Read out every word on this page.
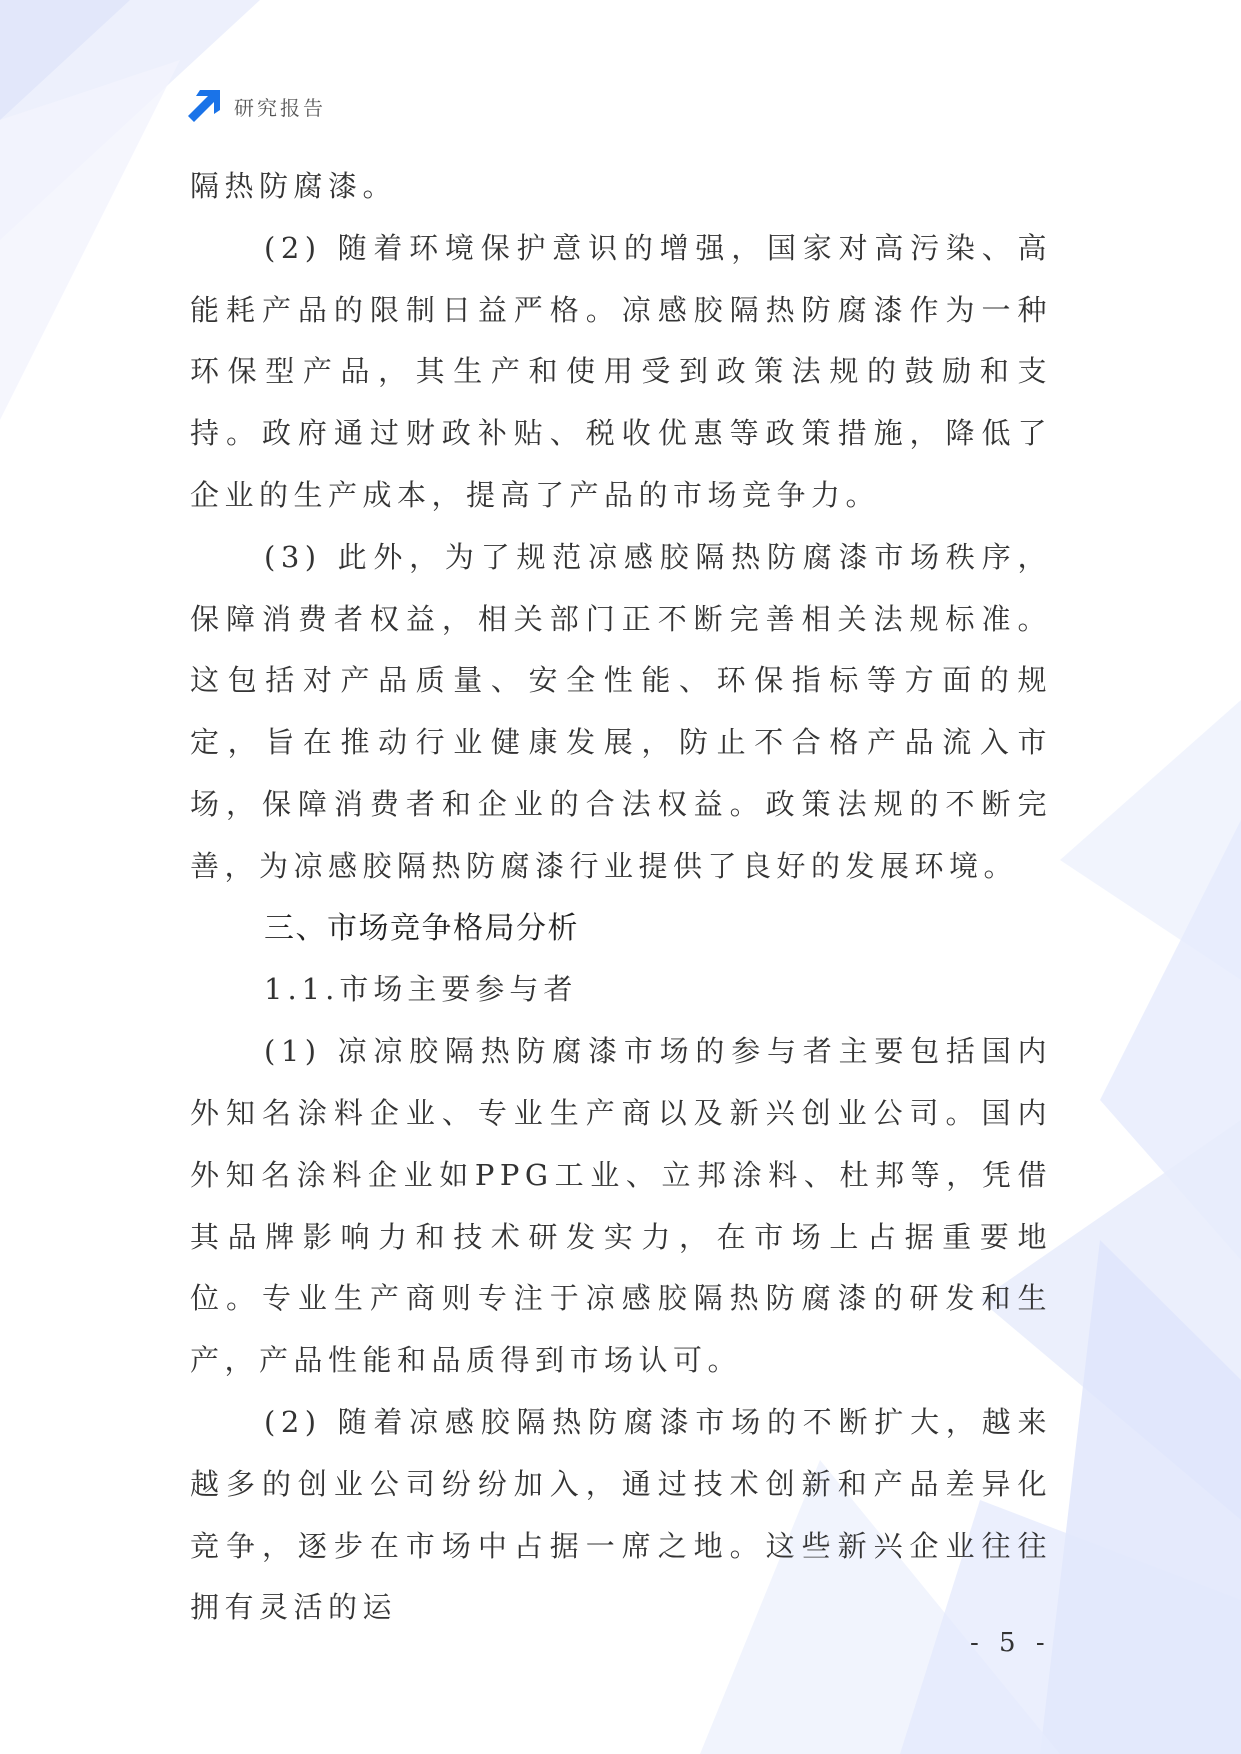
研究报告

隔热防腐漆。

(2) 随着环境保护意识的增强，国家对高污染、高能耗产品的限制日益严格。凉感胶隔热防腐漆作为一种环保型产品，其生产和使用受到政策法规的鼓励和支持。政府通过财政补贴、税收优惠等政策措施，降低了企业的生产成本，提高了产品的市场竞争力。

(3) 此外，为了规范凉感胶隔热防腐漆市场秩序，保障消费者权益，相关部门正不断完善相关法规标准。这包括对产品质量、安全性能、环保指标等方面的规定，旨在推动行业健康发展，防止不合格产品流入市场，保障消费者和企业的合法权益。政策法规的不断完善，为凉感胶隔热防腐漆行业提供了良好的发展环境。

三、市场竞争格局分析

1.1.市场主要参与者

(1) 凉凉胶隔热防腐漆市场的参与者主要包括国内外知名涂料企业、专业生产商以及新兴创业公司。国内外知名涂料企业如PPG工业、立邦涂料、杜邦等，凭借其品牌影响力和技术研发实力，在市场上占据重要地位。专业生产商则专注于凉感胶隔热防腐漆的研发和生产，产品性能和品质得到市场认可。

(2) 随着凉感胶隔热防腐漆市场的不断扩大，越来越多的创业公司纷纷加入，通过技术创新和产品差异化竞争，逐步在市场中占据一席之地。这些新兴企业往往拥有灵活的运

- 5 -
